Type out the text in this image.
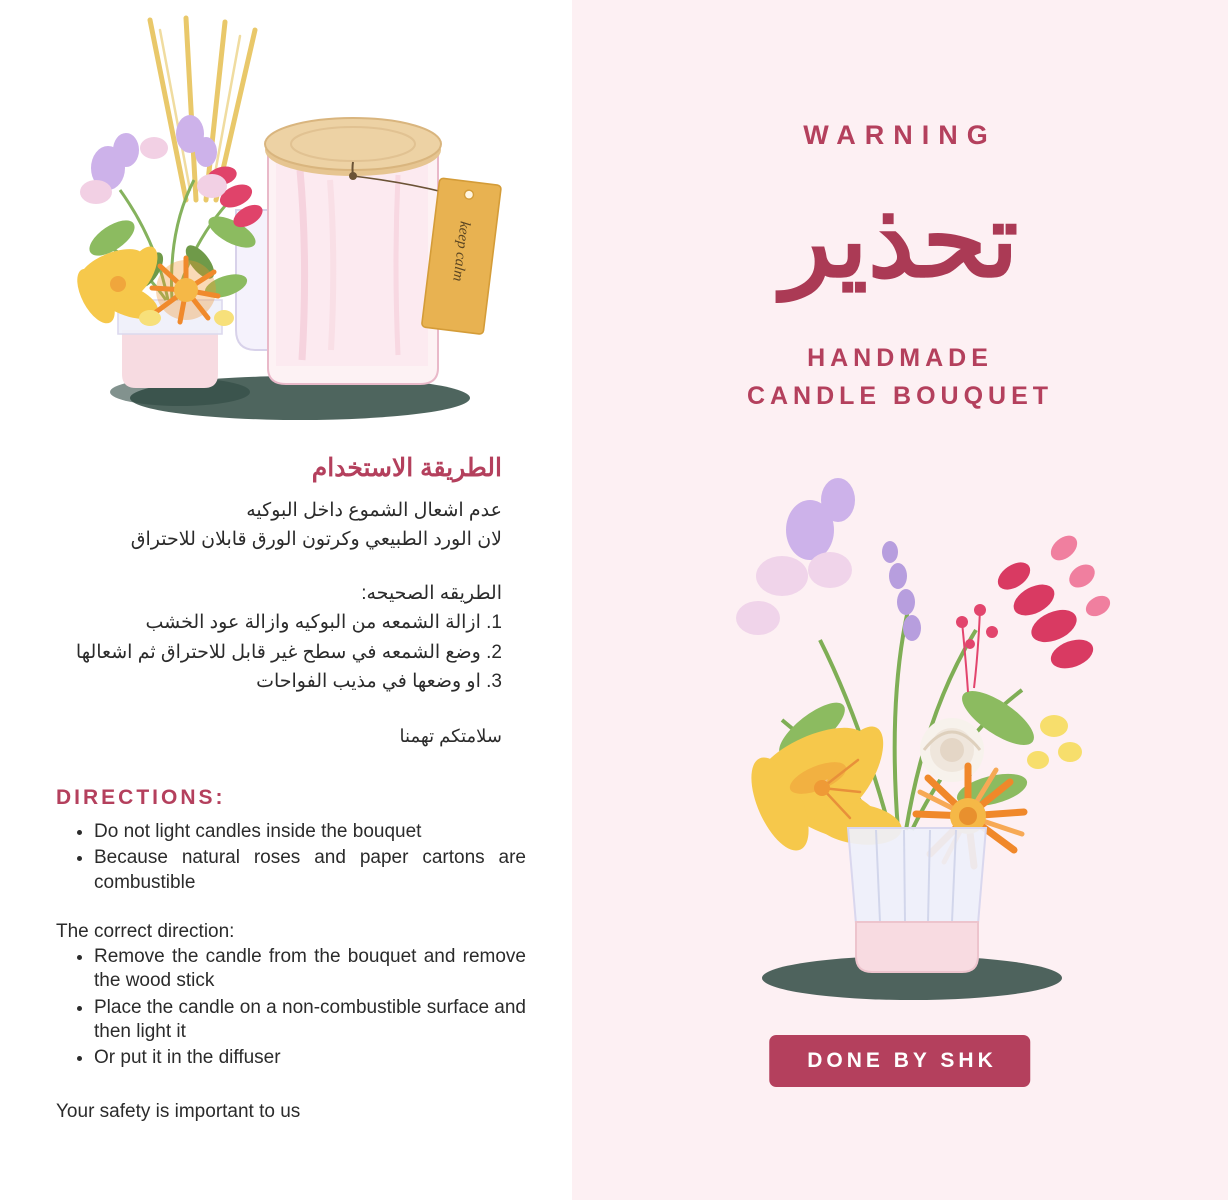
keep calm

الطريقة الاستخدام

عدم اشعال الشموع داخل البوكيه

لان الورد الطبيعي وكرتون الورق قابلان للاحتراق

الطريقه الصحيحه:

1. ازالة الشمعه من البوكيه وازالة عود الخشب

2. وضع الشمعه في سطح غير قابل للاحتراق ثم اشعالها

3. او وضعها في مذيب الفواحات

سلامتكم تهمنا

DIRECTIONS:

• Do not light candles inside the bouquet
• Because natural roses and paper cartons are combustible

The correct direction:

• Remove the candle from the bouquet and remove the wood stick
• Place the candle on a non-combustible surface and then light it
• Or put it in the diffuser

Your safety is important to us

WARNING
تحذير
HANDMADE
CANDLE BOUQUET
DONE BY SHK
